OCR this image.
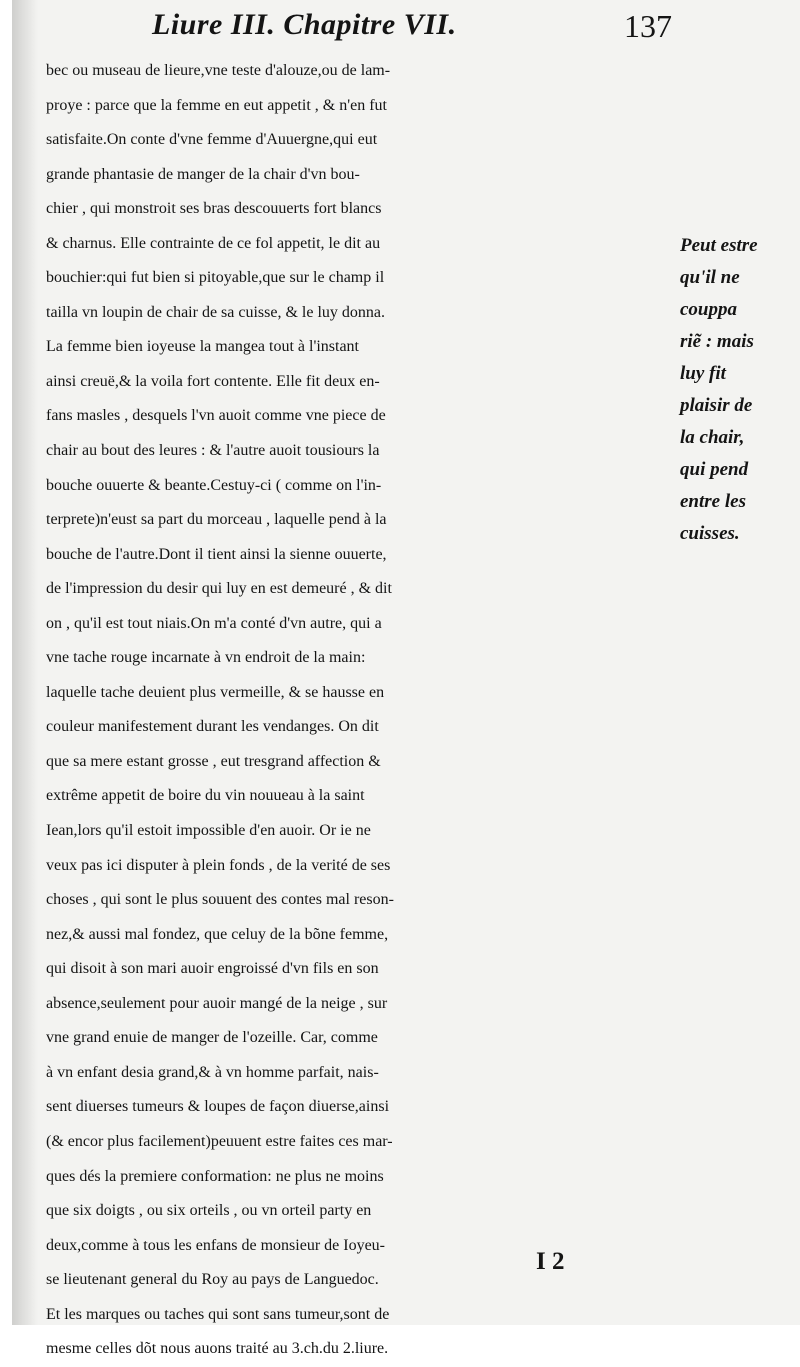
Liure III. Chapitre VII.	137
bec ou museau de lieure,vne teste d'alouze,ou de lam-
proye : parce que la femme en eut appetit , & n'en fut
satisfaite.On conte d'vne femme d'Auuergne,qui eut
grande phantasie de manger de la chair d'vn bou-
chier , qui monstroit ses bras descouuerts fort blancs
& charnus. Elle contrainte de ce fol appetit, le dit au
bouchier:qui fut bien si pitoyable,que sur le champ il
tailla vn loupin de chair de sa cuisse, & le luy donna.
La femme bien ioyeuse la mangea tout à l'instant
ainsi creuë,& la voila fort contente. Elle fit deux en-
fans masles , desquels l'vn auoit comme vne piece de
chair au bout des leures : & l'autre auoit tousiours la
bouche ouuerte & beante.Cestuy-ci ( comme on l'in-
terprete)n'eust sa part du morceau , laquelle pend à la
bouche de l'autre.Dont il tient ainsi la sienne ouuerte,
de l'impression du desir qui luy en est demeuré , & dit
on , qu'il est tout niais.On m'a conté d'vn autre, qui a
vne tache rouge incarnate à vn endroit de la main:
laquelle tache deuient plus vermeille, & se hausse en
couleur manifestement durant les vendanges. On dit
que sa mere estant grosse , eut tresgrand affection &
extrême appetit de boire du vin nouueau à la saint
Iean,lors qu'il estoit impossible d'en auoir. Or ie ne
veux pas ici disputer à plein fonds , de la verité de ses
choses , qui sont le plus souuent des contes mal reson-
nez,& aussi mal fondez, que celuy de la bõne femme,
qui disoit à son mari auoir engroissé d'vn fils en son
absence,seulement pour auoir mangé de la neige , sur
vne grand enuie de manger de l'ozeille. Car, comme
à vn enfant desia grand,& à vn homme parfait, nais-
sent diuerses tumeurs & loupes de façon diuerse,ainsi
(& encor plus facilement)peuuent estre faites ces mar-
ques dés la premiere conformation: ne plus ne moins
que six doigts , ou six orteils , ou vn orteil party en
deux,comme à tous les enfans de monsieur de Ioyeu-
se lieutenant general du Roy au pays de Languedoc.
Et les marques ou taches qui sont sans tumeur,sont de
mesme celles dõt nous auons traité au 3.ch.du 2.liure.
Peut estre
qu'il ne
couppa
riẽ : mais
luy fit
plaisir de
la chair,
qui pend
entre les
cuisses.
I 2
